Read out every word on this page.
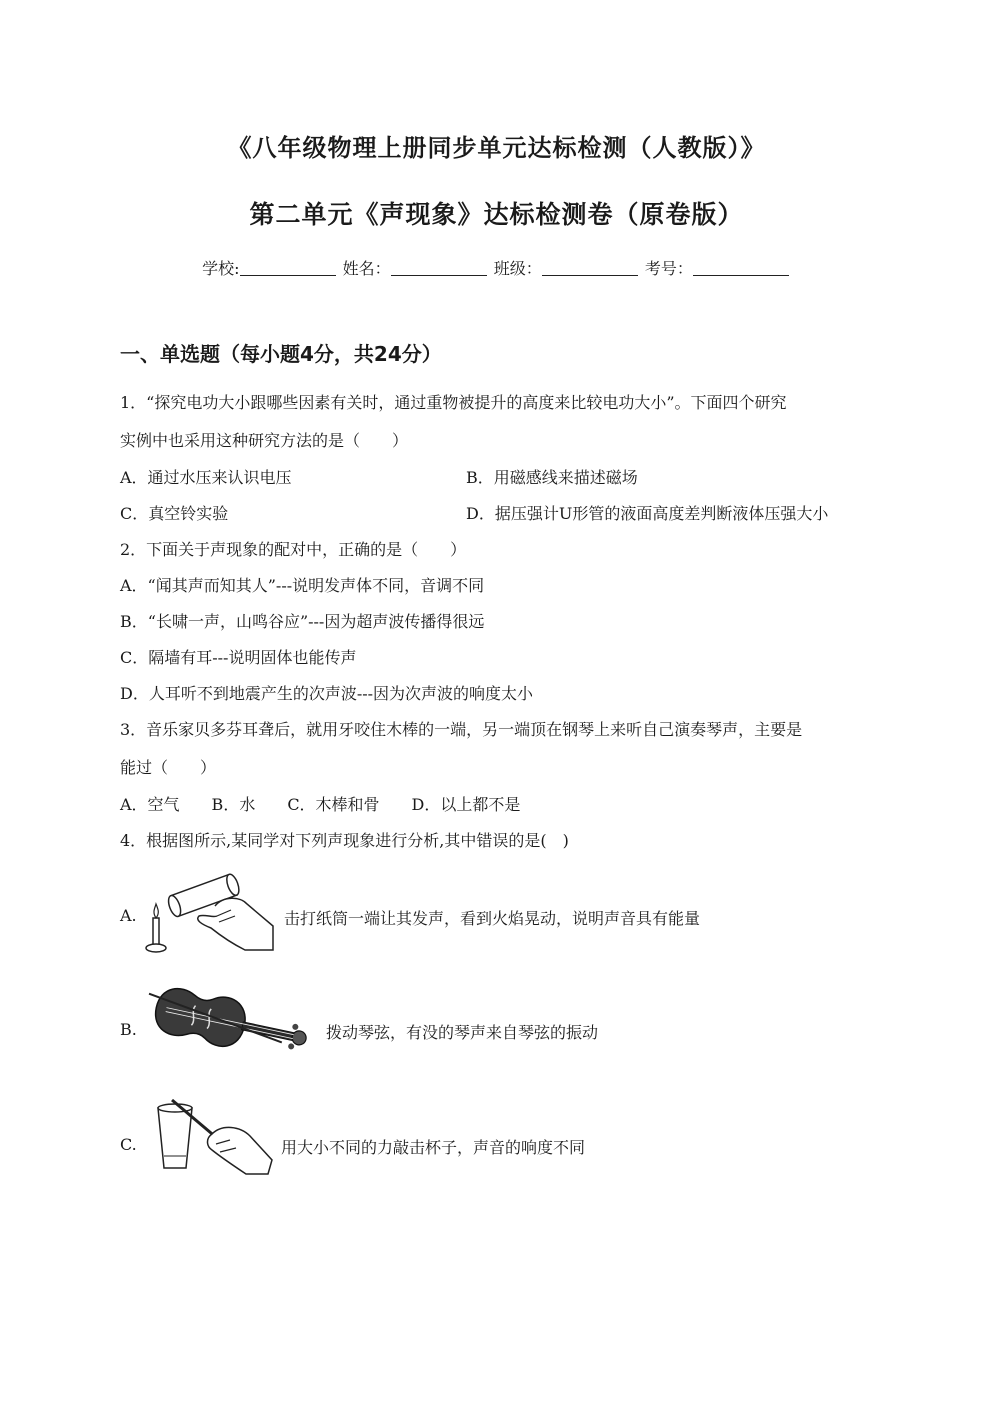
《八年级物理上册同步单元达标检测（人教版）》
第二单元《声现象》达标检测卷（原卷版）
学校:	姓名：	班级：	考号：
一、单选题（每小题4分，共24分）
1．“探究电功大小跟哪些因素有关时，通过重物被提升的高度来比较电功大小”。下面四个研究
实例中也采用这种研究方法的是（　　）
A．通过水压来认识电压	B．用磁感线来描述磁场
C．真空铃实验	D．据压强计U形管的液面高度差判断液体压强大小
2．下面关于声现象的配对中，正确的是（　　）
A．“闻其声而知其人”---说明发声体不同，音调不同
B．“长啸一声，山鸣谷应”---因为超声波传播得很远
C．隔墙有耳---说明固体也能传声
D．人耳听不到地震产生的次声波---因为次声波的响度太小
3．音乐家贝多芬耳聋后，就用牙咬住木棒的一端，另一端顶在钢琴上来听自己演奏琴声，主要是
能过（　　）
A．空气　　B．水　　C．木棒和骨　　D．以上都不是
4．根据图所示,某同学对下列声现象进行分析,其中错误的是(　)
A.	击打纸筒一端让其发声，看到火焰晃动，说明声音具有能量
B.	拨动琴弦，有没的琴声来自琴弦的振动
C.	用大小不同的力敲击杯子，声音的响度不同
